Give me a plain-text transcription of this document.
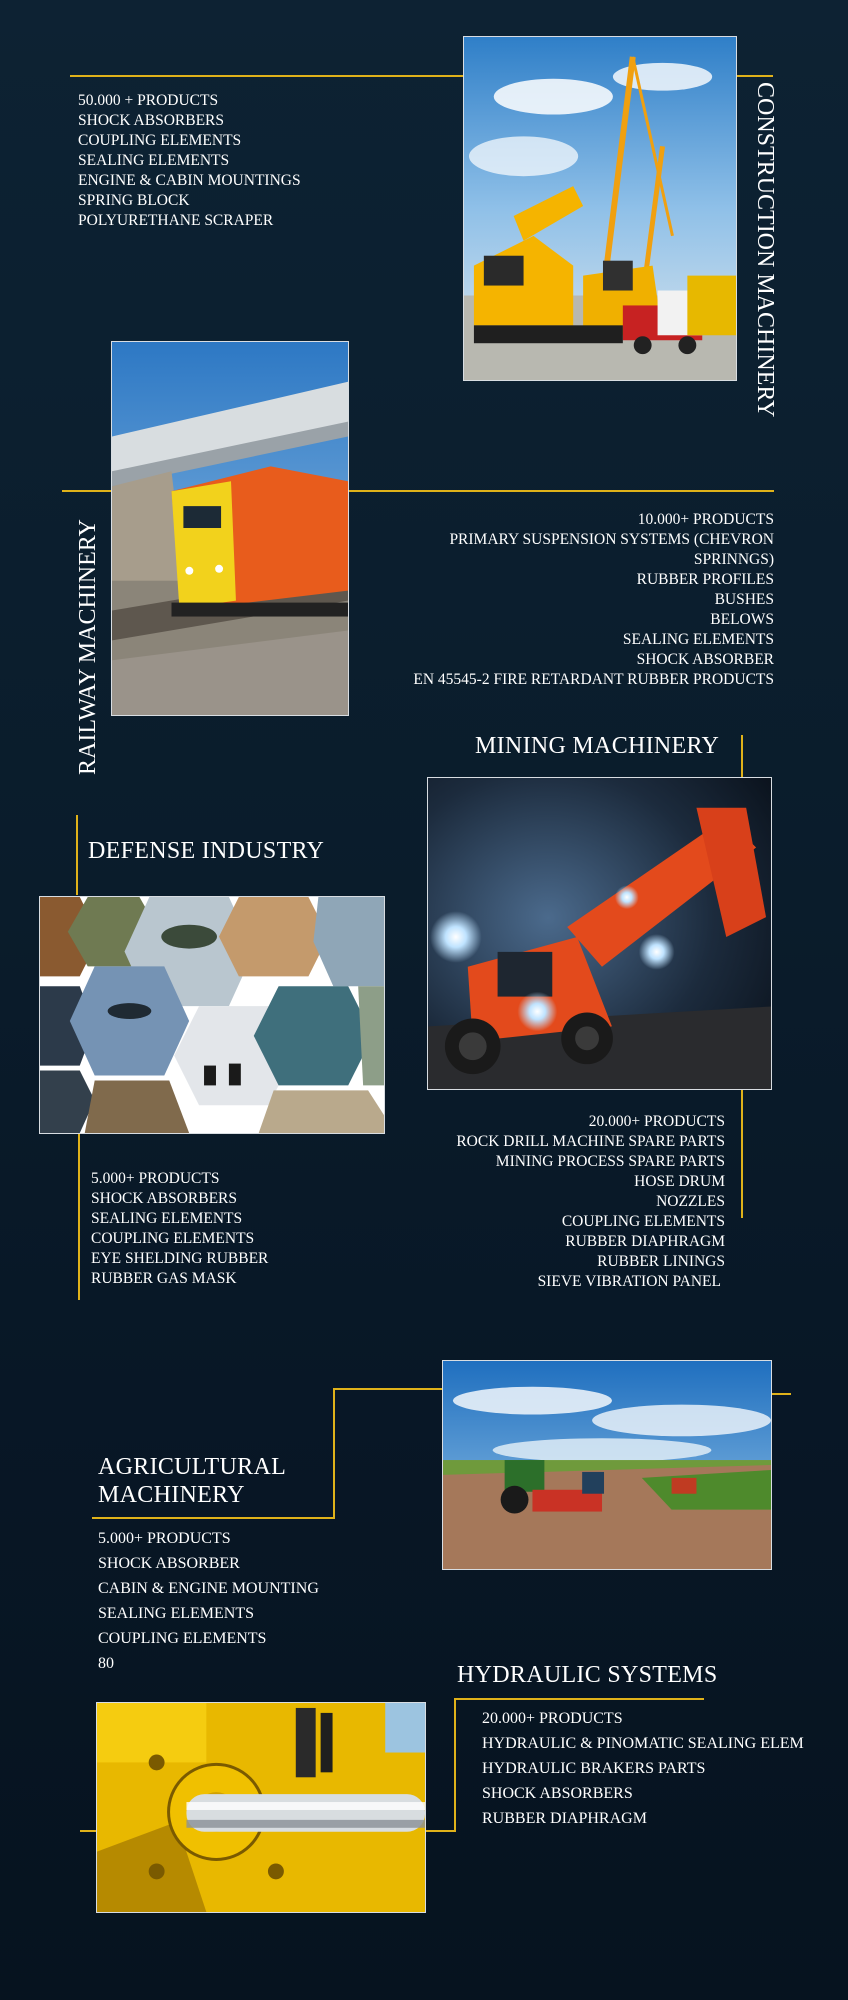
50.000 + PRODUCTS
SHOCK ABSORBERS
COUPLING ELEMENTS
SEALING ELEMENTS
ENGINE & CABIN MOUNTINGS
SPRING BLOCK
POLYURETHANE SCRAPER	CONSTRUCTION MACHINERY
RAILWAY MACHINERY	10.000+ PRODUCTS
PRIMARY SUSPENSION SYSTEMS (CHEVRON SPRINNGS)
RUBBER PROFILES
BUSHES
BELOWS
SEALING ELEMENTS
SHOCK ABSORBER
EN 45545-2 FIRE RETARDANT RUBBER PRODUCTS
MINING MACHINERY
20.000+ PRODUCTS
ROCK DRILL MACHINE SPARE PARTS
MINING PROCESS SPARE PARTS
HOSE DRUM
NOZZLES
COUPLING ELEMENTS
RUBBER DIAPHRAGM
RUBBER LININGS
SIEVE VIBRATION PANEL
DEFENSE INDUSTRY
5.000+ PRODUCTS
SHOCK ABSORBERS
SEALING ELEMENTS
COUPLING ELEMENTS
EYE SHELDING RUBBER
RUBBER GAS MASK
AGRICULTURAL
MACHINERY
5.000+ PRODUCTS
SHOCK ABSORBER
CABIN & ENGINE MOUNTING
SEALING ELEMENTS
COUPLING ELEMENTS
80	HYDRAULIC SYSTEMS
20.000+ PRODUCTS
HYDRAULIC & PINOMATIC SEALING ELEM
HYDRAULIC BRAKERS PARTS
SHOCK ABSORBERS
RUBBER DIAPHRAGM
